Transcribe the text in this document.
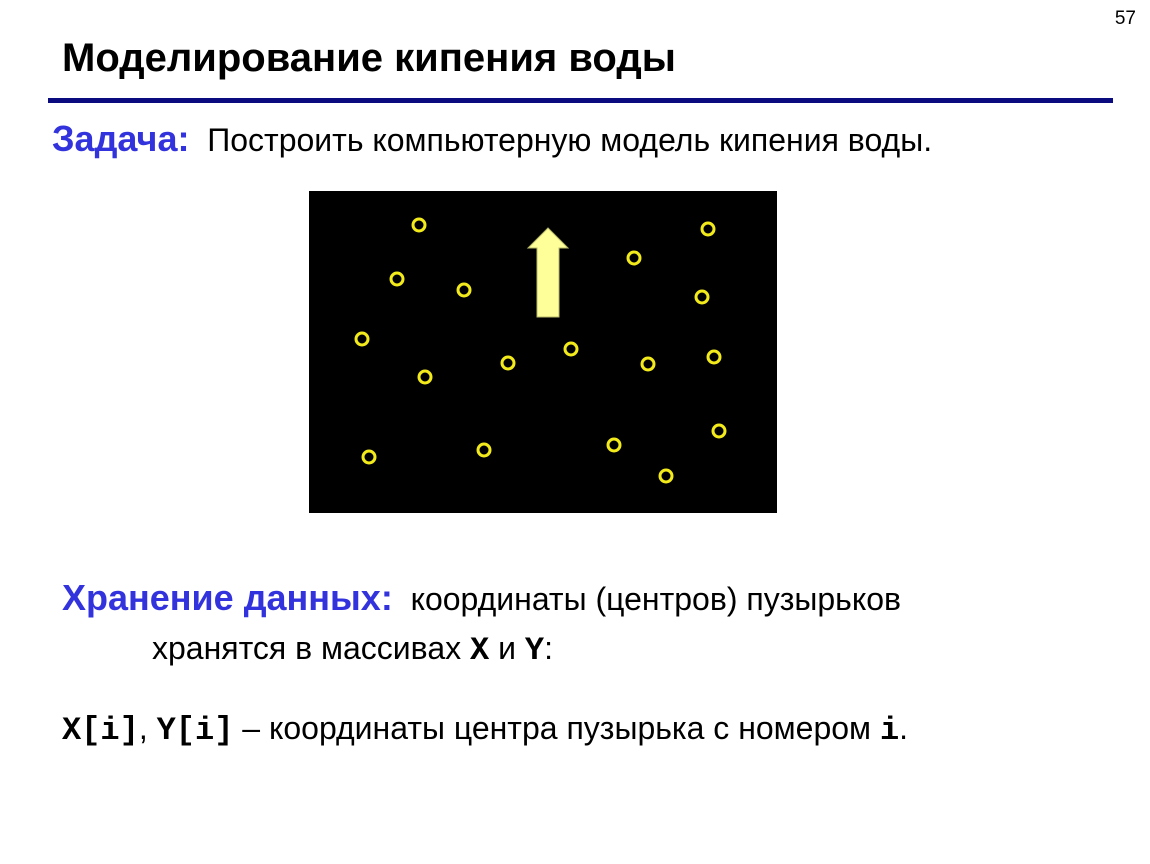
57
Моделирование кипения воды

Задача: Построить компьютерную модель кипения воды.

Хранение данных: координаты (центров) пузырьков

хранятся в массивах X и Y:

X[i], Y[i] – координаты центра пузырька с номером i.
